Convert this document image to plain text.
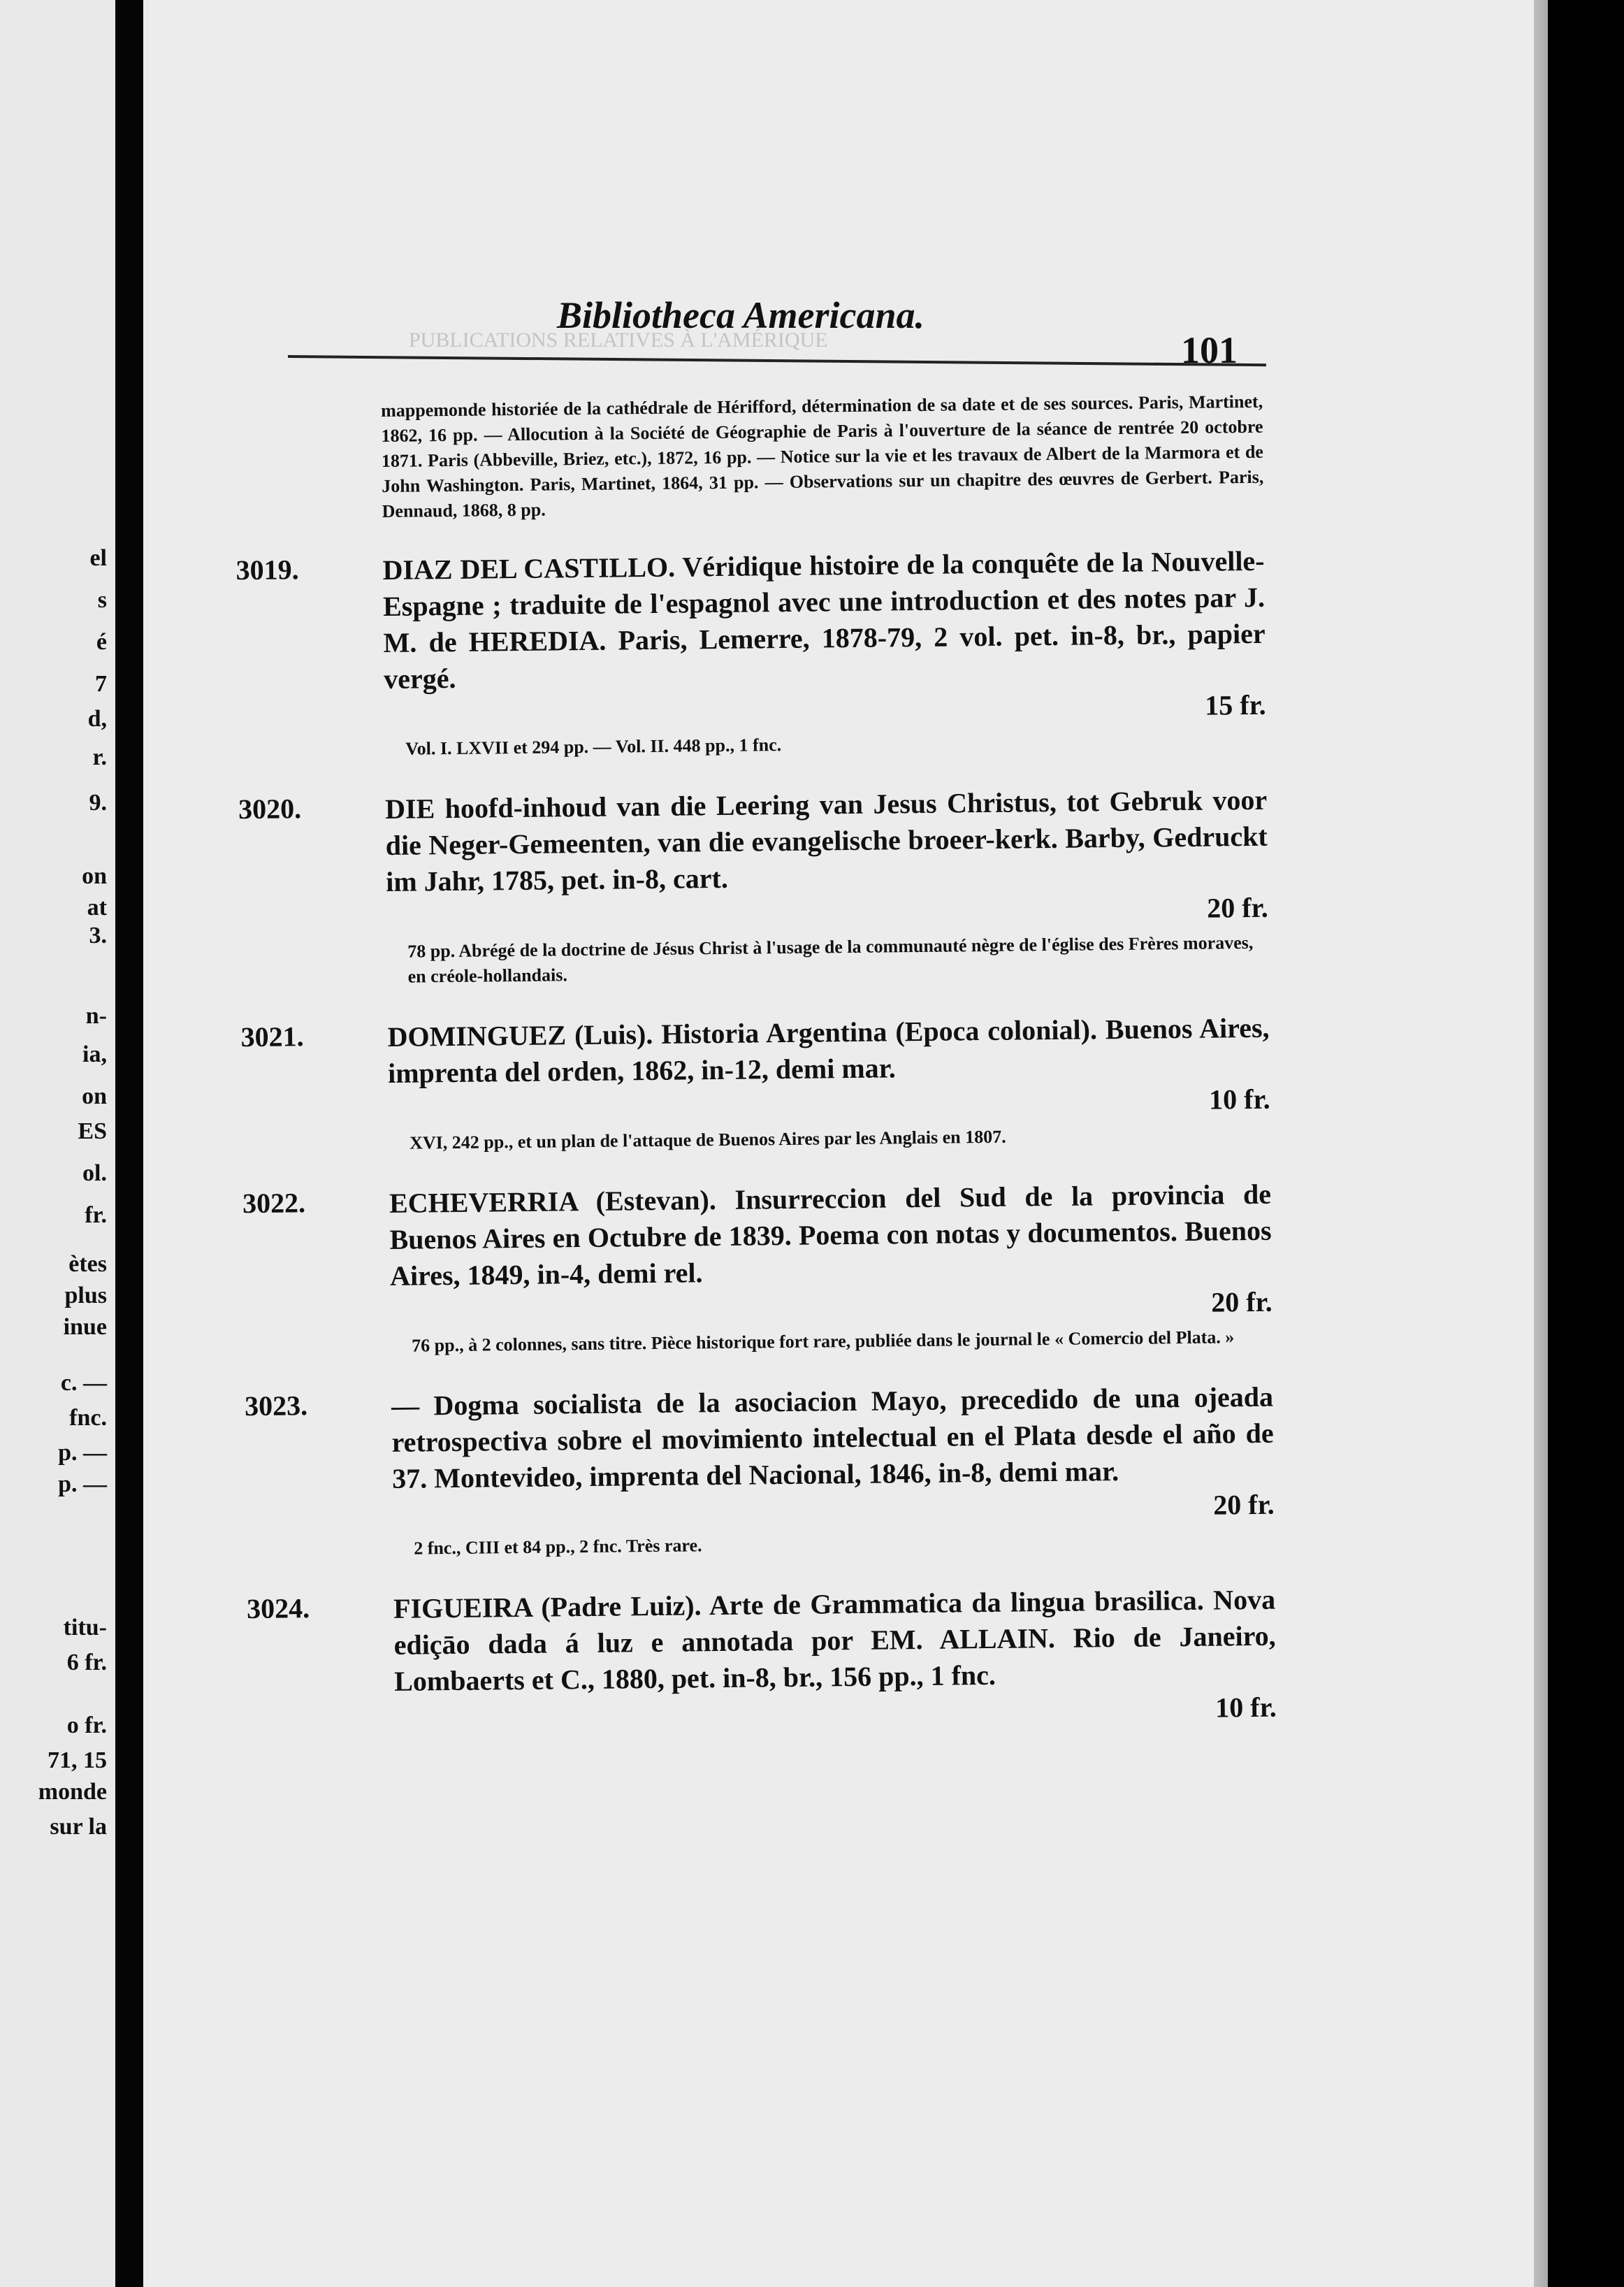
el
s
é
7
d,
r.
9.
on
at
3.
n-
ia,
on
ES
ol.
fr.
ètes
plus
inue
c. —
fnc.
p. —
p. —
titu-
6 fr.
o fr.
71, 15
monde
sur la
PUBLICATIONS RELATIVES À L'AMÉRIQUE
Bibliotheca Americana.
101
mappemonde historiée de la cathédrale de Hérifford, détermination de sa date et de ses sources. Paris, Martinet, 1862, 16 pp. — Allocution à la Société de Géographie de Paris à l'ouverture de la séance de rentrée 20 octobre 1871. Paris (Abbeville, Briez, etc.), 1872, 16 pp. — Notice sur la vie et les travaux de Albert de la Marmora et de John Washington. Paris, Martinet, 1864, 31 pp. — Observations sur un chapitre des œuvres de Gerbert. Paris, Dennaud, 1868, 8 pp.
3019.	DIAZ DEL CASTILLO. Véridique histoire de la conquête de la Nouvelle-Espagne ; traduite de l'espagnol avec une introduction et des notes par J. M. de HEREDIA. Paris, Lemerre, 1878-79, 2 vol. pet. in-8, br., papier vergé.
15 fr.
Vol. I. LXVII et 294 pp. — Vol. II. 448 pp., 1 fnc.
3020.	DIE hoofd-inhoud van die Leering van Jesus Christus, tot Gebruk voor die Neger-Gemeenten, van die evangelische broeer-kerk. Barby, Gedruckt im Jahr, 1785, pet. in-8, cart.
20 fr.
78 pp. Abrégé de la doctrine de Jésus Christ à l'usage de la communauté nègre de l'église des Frères moraves, en créole-hollandais.
3021.	DOMINGUEZ (Luis). Historia Argentina (Epoca colonial). Buenos Aires, imprenta del orden, 1862, in-12, demi mar.
10 fr.
XVI, 242 pp., et un plan de l'attaque de Buenos Aires par les Anglais en 1807.
3022.	ECHEVERRIA (Estevan). Insurreccion del Sud de la provincia de Buenos Aires en Octubre de 1839. Poema con notas y documentos. Buenos Aires, 1849, in-4, demi rel.
20 fr.
76 pp., à 2 colonnes, sans titre. Pièce historique fort rare, publiée dans le journal le « Comercio del Plata. »
3023.	— Dogma socialista de la asociacion Mayo, precedido de una ojeada retrospectiva sobre el movimiento intelectual en el Plata desde el año de 37. Montevideo, imprenta del Nacional, 1846, in-8, demi mar.
20 fr.
2 fnc., CIII et 84 pp., 2 fnc. Très rare.
3024.	FIGUEIRA (Padre Luiz). Arte de Grammatica da lingua brasilica. Nova ediçāo dada á luz e annotada por EM. ALLAIN. Rio de Janeiro, Lombaerts et C., 1880, pet. in-8, br., 156 pp., 1 fnc.
10 fr.
